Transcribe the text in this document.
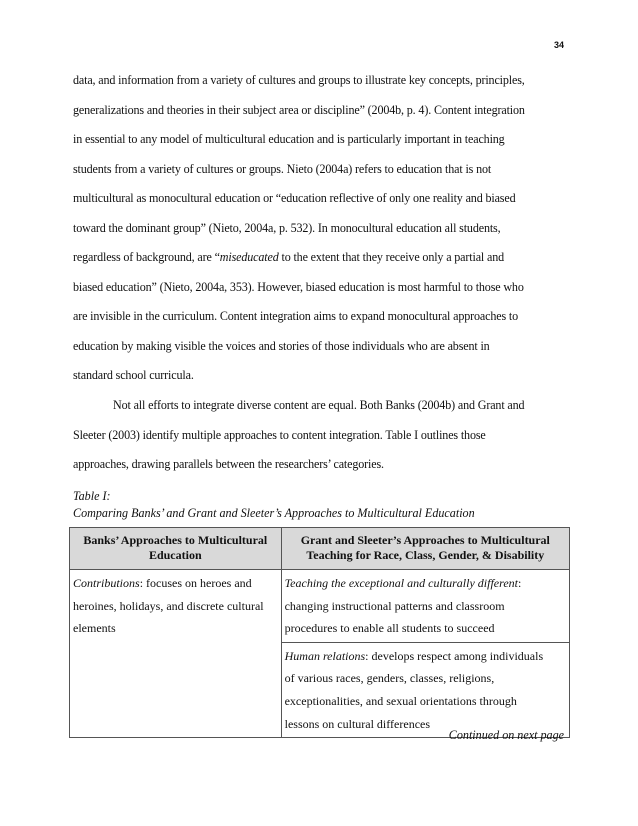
34
data, and information from a variety of cultures and groups to illustrate key concepts, principles,
generalizations and theories in their subject area or discipline” (2004b, p. 4). Content integration
in essential to any model of multicultural education and is particularly important in teaching
students from a variety of cultures or groups. Nieto (2004a) refers to education that is not
multicultural as monocultural education or “education reflective of only one reality and biased
toward the dominant group” (Nieto, 2004a, p. 532). In monocultural education all students,
regardless of background, are “miseducated to the extent that they receive only a partial and
biased education” (Nieto, 2004a, 353). However, biased education is most harmful to those who
are invisible in the curriculum. Content integration aims to expand monocultural approaches to
education by making visible the voices and stories of those individuals who are absent in
standard school curricula.
Not all efforts to integrate diverse content are equal. Both Banks (2004b) and Grant and
Sleeter (2003) identify multiple approaches to content integration. Table I outlines those
approaches, drawing parallels between the researchers’ categories.
Table I:
Comparing Banks’ and Grant and Sleeter’s Approaches to Multicultural Education
Banks’ Approaches to Multicultural Education	Grant and Sleeter’s Approaches to Multicultural Teaching for Race, Class, Gender, & Disability

Contributions: focuses on heroes and
heroines, holidays, and discrete cultural
elements	Teaching the exceptional and culturally different:
changing instructional patterns and classroom
procedures to enable all students to succeed

	Human relations: develops respect among individuals
of various races, genders, classes, religions,
exceptionalities, and sexual orientations through
lessons on cultural differences
Continued on next page
